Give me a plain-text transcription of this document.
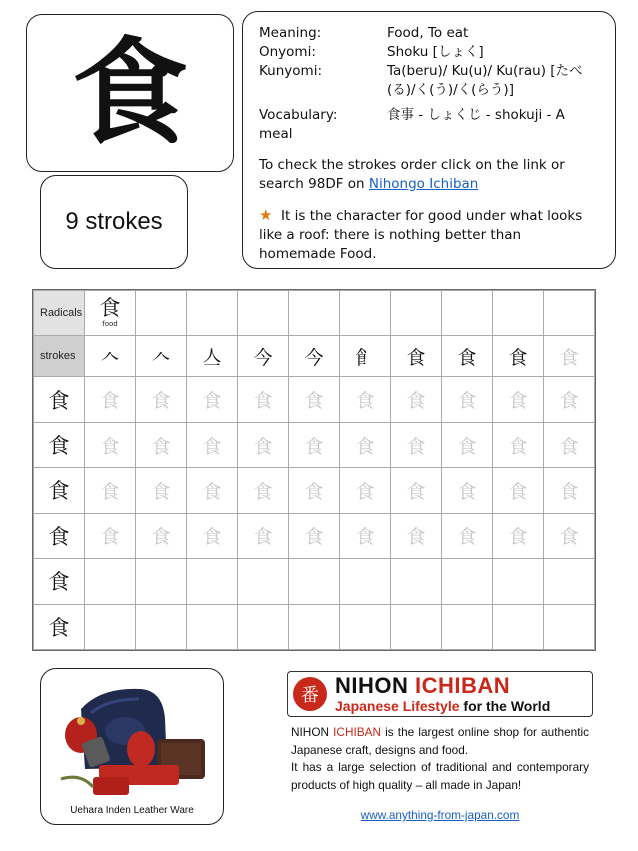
食
9 strokes
Meaning:	Food, To eat
Onyomi:	Shoku [しょく]
Kunyomi:	Ta(beru)/ Ku(u)/ Ku(rau) [たべ(る)/く(う)/く(らう)]
Vocabulary:	食事 - しょくじ - shokuji - A

meal

To check the strokes order click on the link or search 98DF on Nihongo Ichiban

★ It is the character for good under what looks like a roof: there is nothing better than homemade Food.

Radicals	食
food									

strokes	𠆢	𠆢	亼	今	今	𩙿	食	食	食	食
食	食	食	食	食	食	食	食	食	食	食
食	食	食	食	食	食	食	食	食	食	食
食	食	食	食	食	食	食	食	食	食	食
食	食	食	食	食	食	食	食	食	食	食
食										
食										
Uehara Inden Leather Ware
番 NIHON ICHIBAN
Japanese Lifestyle for the World
NIHON ICHIBAN is the largest online shop for authentic Japanese craft, designs and food.
It has a large selection of traditional and contemporary products of high quality – all made in Japan!
www.anything-from-japan.com
